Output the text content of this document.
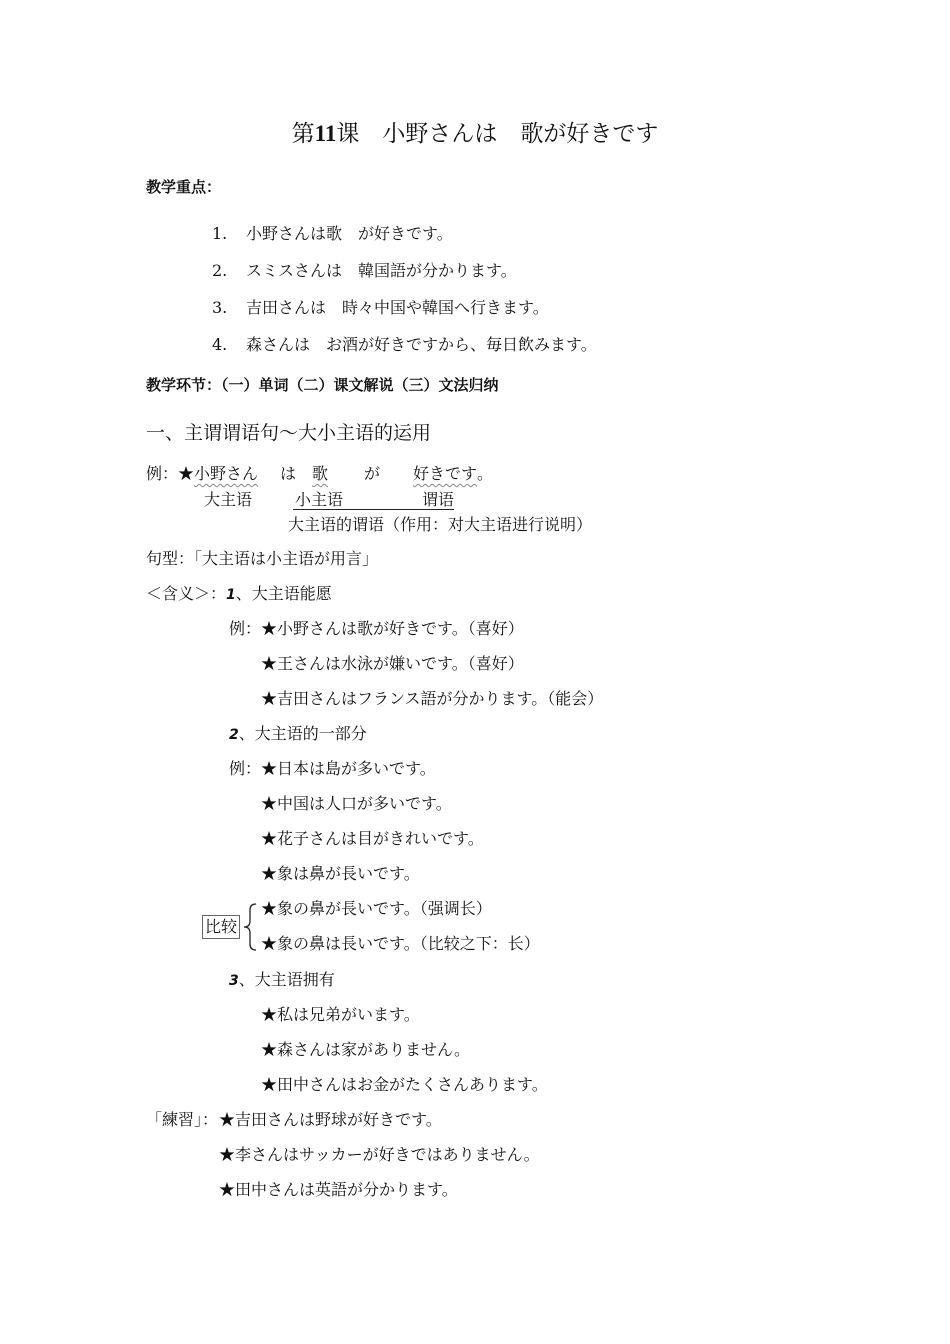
第11课　小野さんは　歌が好きです
教学重点：
1. 小野さんは歌　が好きです。
2. スミスさんは　韓国語が分かります。
3. 吉田さんは　時々中国や韓国へ行きます。
4. 森さんは　お酒が好きですから、毎日飲みます。
教学环节：（一）单词（二）课文解说（三）文法归纳
一、主谓谓语句～大小主语的运用
例：★ 小野さん は 歌 が 好きです 。
大主语	小主语	谓语
大主语的谓语（作用：对大主语进行说明）
句型：「大主语は小主语が用言」
＜含义＞：1、大主语能愿
例：★小野さんは歌が好きです。（喜好）
★王さんは水泳が嫌いです。（喜好）
★吉田さんはフランス語が分かります。（能会）
2、大主语的一部分
例：★日本は島が多いです。
★中国は人口が多いです。
★花子さんは目がきれいです。
★象は鼻が長いです。
比较
★象の鼻が長いです。（强调长）
★象の鼻は長いです。（比较之下：长）
3、大主语拥有
★私は兄弟がいます。
★森さんは家がありません。
★田中さんはお金がたくさんあります。
「練習」： ★吉田さんは野球が好きです。
★李さんはサッカーが好きではありません。
★田中さんは英語が分かります。
